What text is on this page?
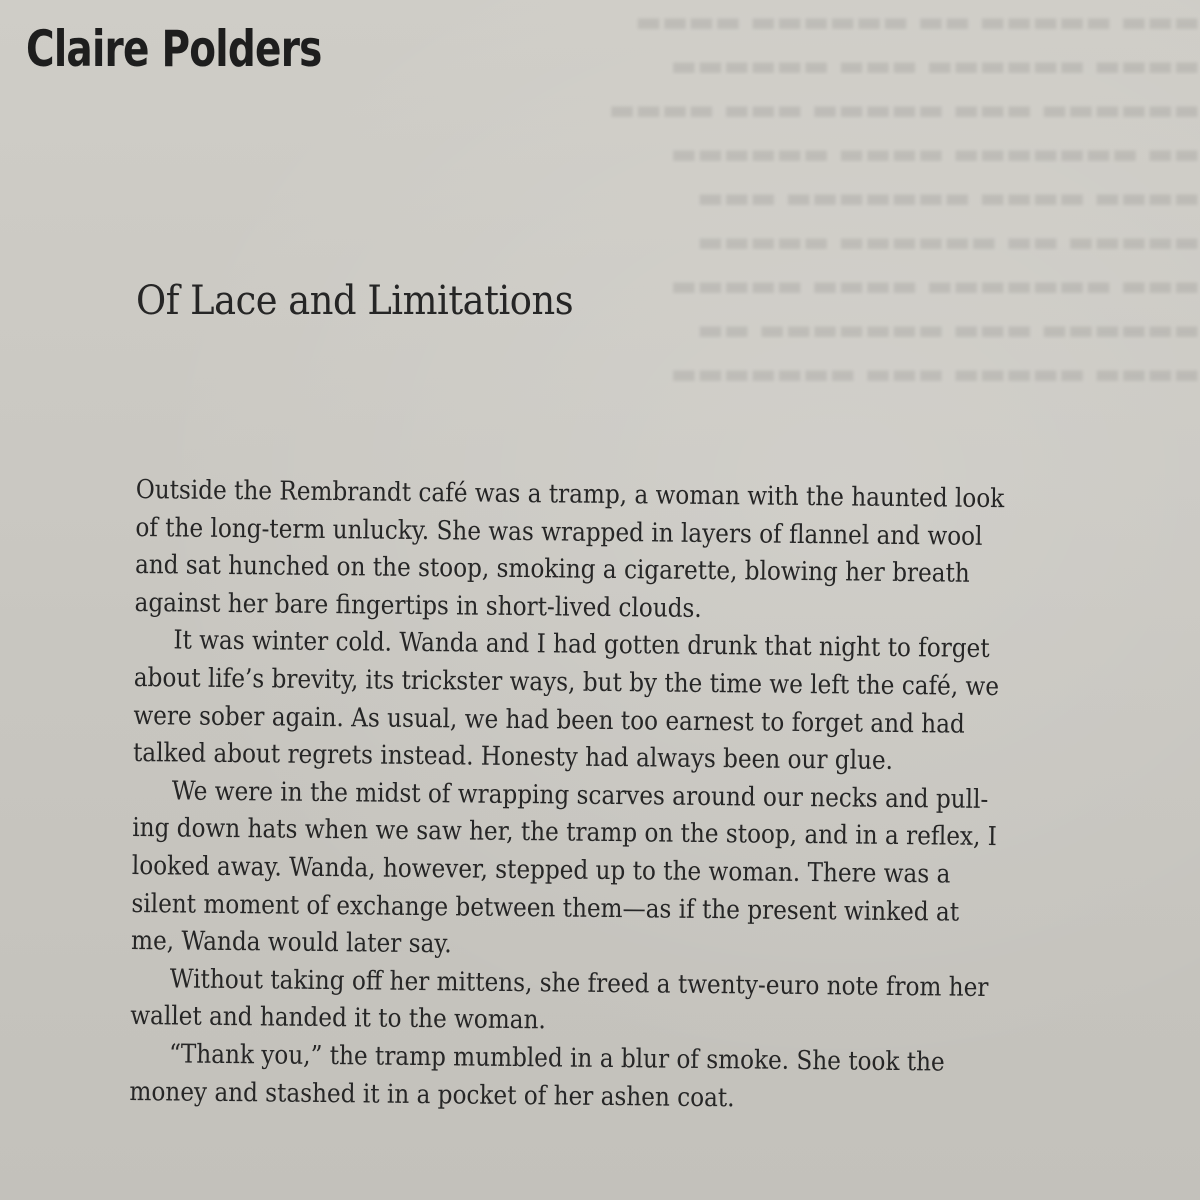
▬▬▬ ▬▬▬▬▬ ▬▬ ▬▬▬▬▬▬ ▬▬▬▬
▬▬▬▬ ▬▬▬▬▬▬ ▬▬▬ ▬▬▬▬▬▬
▬▬▬▬▬▬ ▬▬▬ ▬▬▬▬▬ ▬▬▬ ▬▬▬▬
▬▬ ▬▬▬▬▬▬▬ ▬▬▬▬ ▬▬▬▬▬▬
▬▬▬▬ ▬▬▬▬ ▬▬▬▬▬▬▬ ▬▬▬
▬▬▬▬▬ ▬▬ ▬▬▬▬▬▬ ▬▬▬▬▬
▬▬▬ ▬▬▬▬▬▬▬ ▬▬▬▬ ▬▬▬▬▬
▬▬▬▬▬▬ ▬▬▬ ▬▬▬▬▬▬▬ ▬▬
▬▬▬▬ ▬▬▬▬▬ ▬▬▬ ▬▬▬▬▬▬▬
Claire Polders
Of Lace and Limitations
Outside the Rembrandt café was a tramp, a woman with the haunted look
of the long-term unlucky. She was wrapped in layers of flannel and wool
and sat hunched on the stoop, smoking a cigarette, blowing her breath
against her bare fingertips in short-lived clouds.
It was winter cold. Wanda and I had gotten drunk that night to forget
about life’s brevity, its trickster ways, but by the time we left the café, we
were sober again. As usual, we had been too earnest to forget and had
talked about regrets instead. Honesty had always been our glue.
We were in the midst of wrapping scarves around our necks and pull-
ing down hats when we saw her, the tramp on the stoop, and in a reflex, I
looked away. Wanda, however, stepped up to the woman. There was a
silent moment of exchange between them—as if the present winked at
me, Wanda would later say.
Without taking off her mittens, she freed a twenty-euro note from her
wallet and handed it to the woman.
“Thank you,” the tramp mumbled in a blur of smoke. She took the
money and stashed it in a pocket of her ashen coat.
